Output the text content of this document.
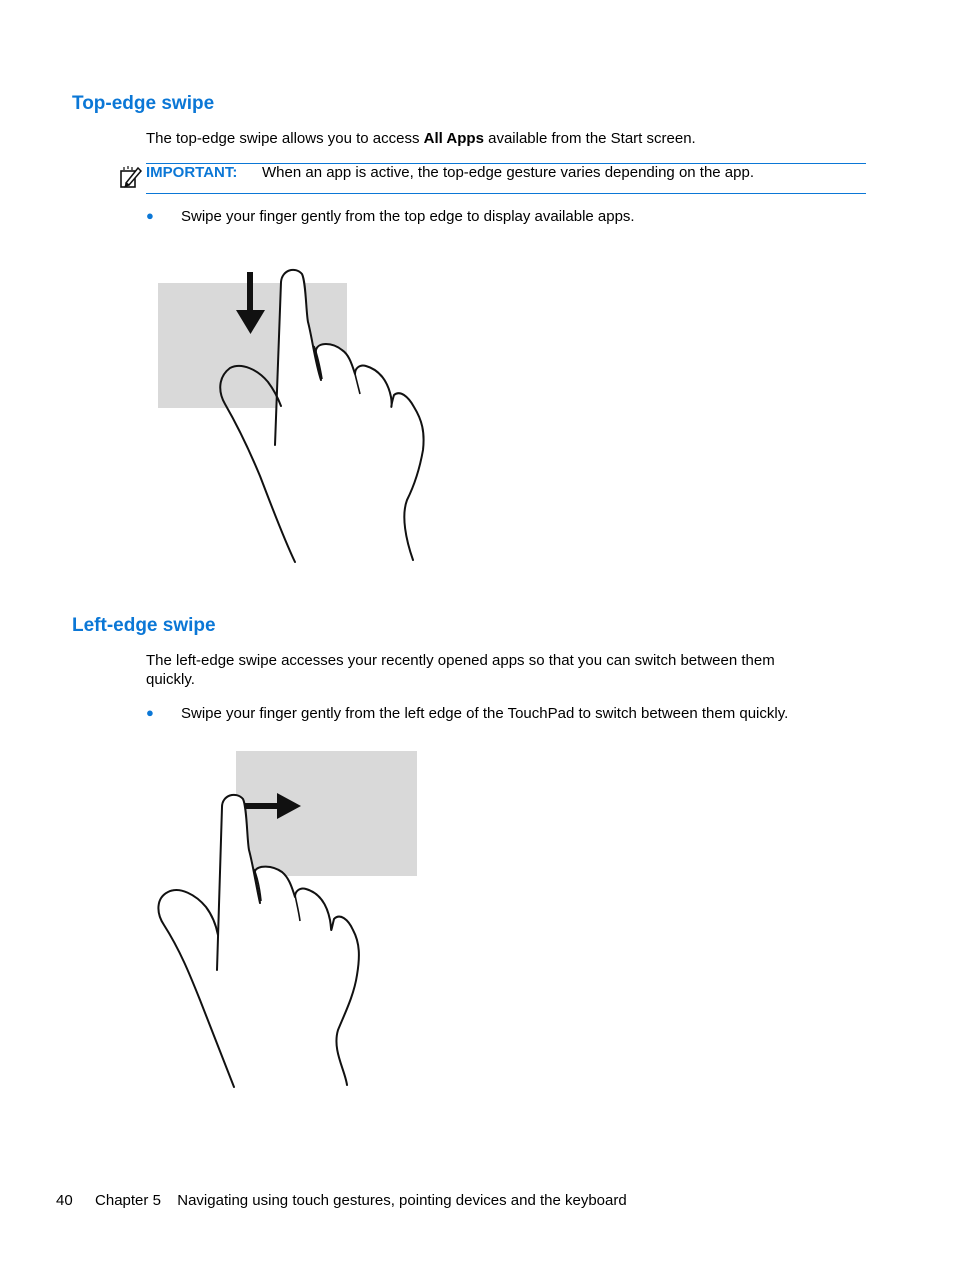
Top-edge swipe

The top-edge swipe allows you to access All Apps available from the Start screen.

IMPORTANT: When an app is active, the top-edge gesture varies depending on the app.
● Swipe your finger gently from the top edge to display available apps.
Left-edge swipe

The left-edge swipe accesses your recently opened apps so that you can switch between them

quickly.

● Swipe your finger gently from the left edge of the TouchPad to switch between them quickly.
40 Chapter 5 Navigating using touch gestures, pointing devices and the keyboard
